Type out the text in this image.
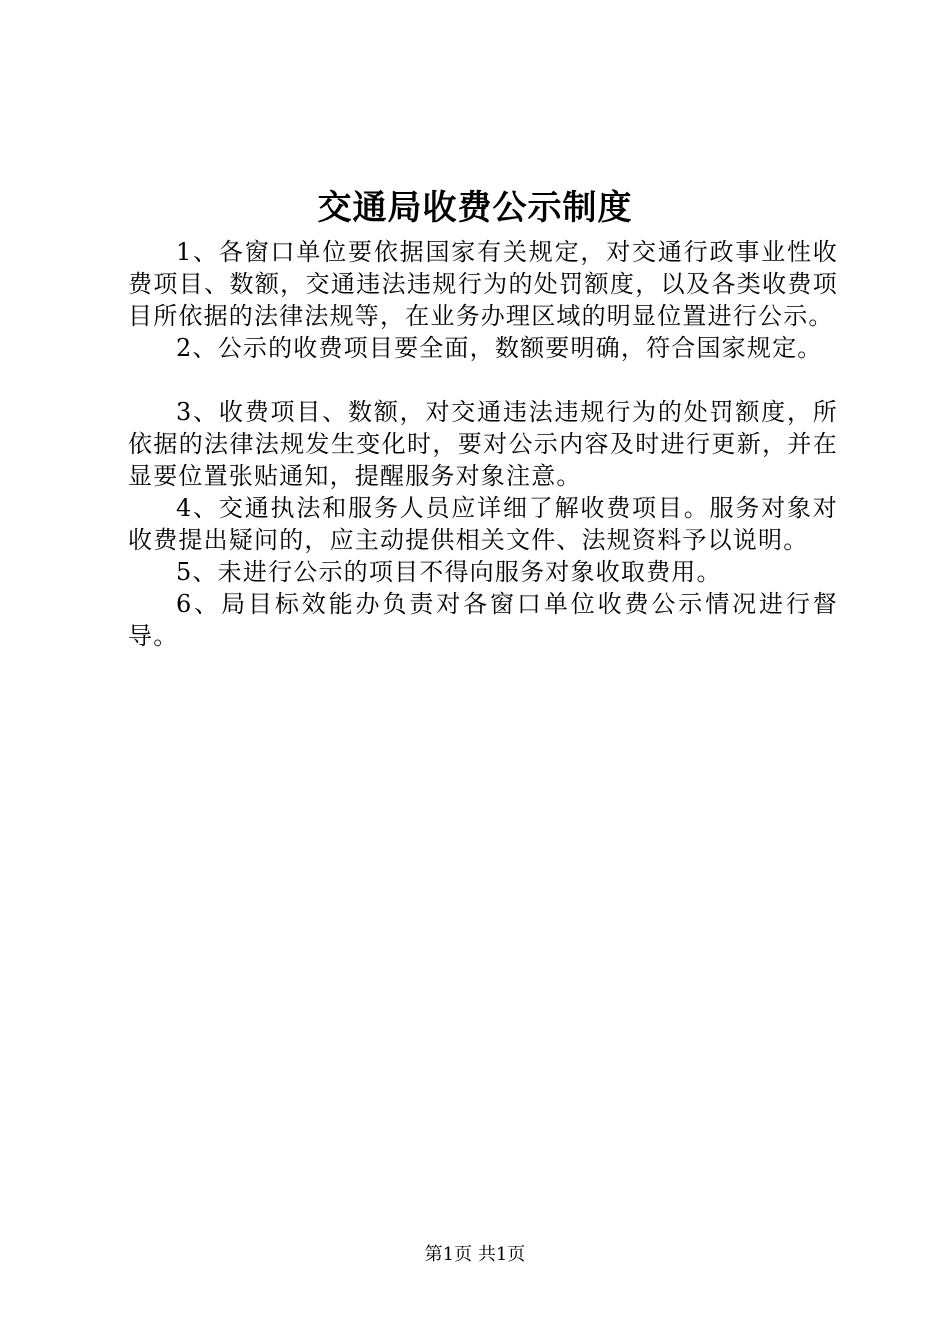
交通局收费公示制度

1、各窗口单位要依据国家有关规定，对交通行政事业性收费项目、数额，交通违法违规行为的处罚额度，以及各类收费项目所依据的法律法规等，在业务办理区域的明显位置进行公示。

2、公示的收费项目要全面，数额要明确，符合国家规定。

3、收费项目、数额，对交通违法违规行为的处罚额度，所依据的法律法规发生变化时，要对公示内容及时进行更新，并在显要位置张贴通知，提醒服务对象注意。

4、交通执法和服务人员应详细了解收费项目。服务对象对收费提出疑问的，应主动提供相关文件、法规资料予以说明。

5、未进行公示的项目不得向服务对象收取费用。

6、局目标效能办负责对各窗口单位收费公示情况进行督导。

第1页 共1页
